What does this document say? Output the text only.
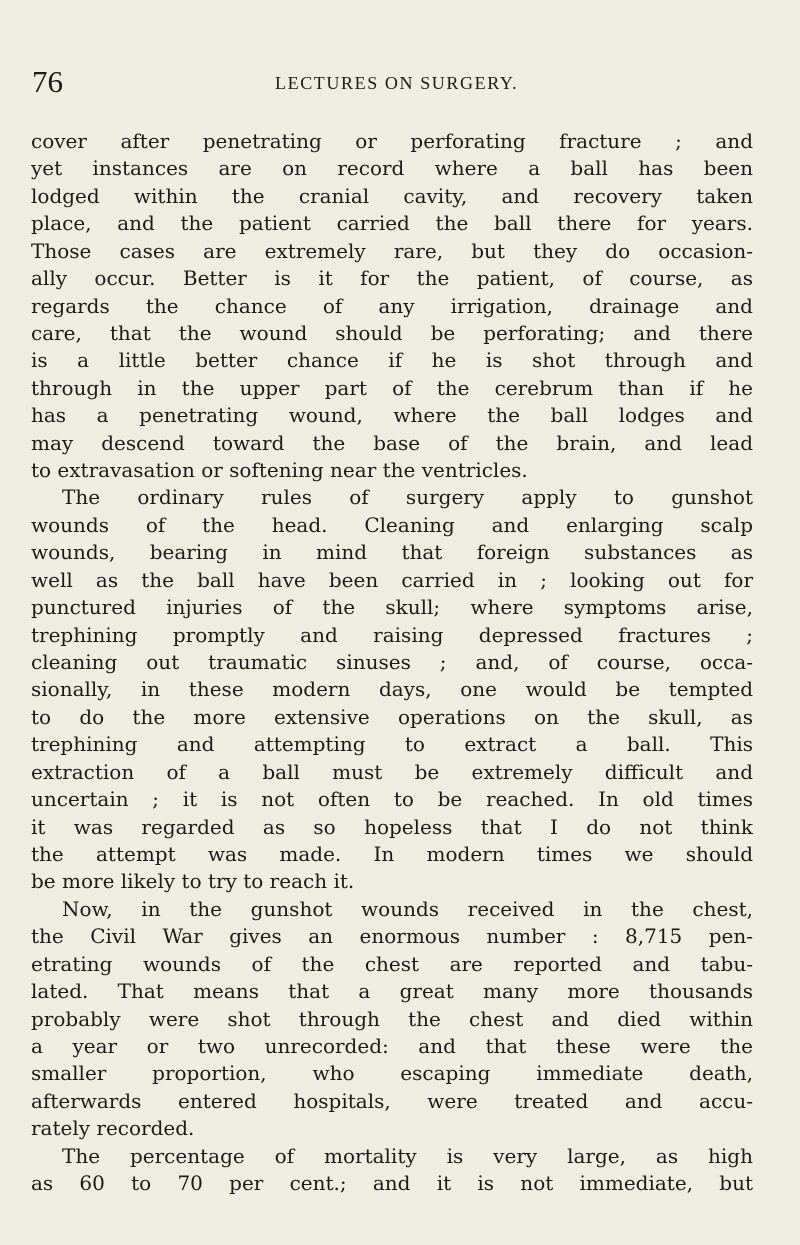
76	LECTURES ON SURGERY.
cover after penetrating or perforating fracture ; and
yet instances are on record where a ball has been
lodged within the cranial cavity, and recovery taken
place, and the patient carried the ball there for years.
Those cases are extremely rare, but they do occasion-
ally occur. Better is it for the patient, of course, as
regards the chance of any irrigation, drainage and
care, that the wound should be perforating; and there
is a little better chance if he is shot through and
through in the upper part of the cerebrum than if he
has a penetrating wound, where the ball lodges and
may descend toward the base of the brain, and lead
to extravasation or softening near the ventricles.
The ordinary rules of surgery apply to gunshot
wounds of the head. Cleaning and enlarging scalp
wounds, bearing in mind that foreign substances as
well as the ball have been carried in ; looking out for
punctured injuries of the skull; where symptoms arise,
trephining promptly and raising depressed fractures ;
cleaning out traumatic sinuses ; and, of course, occa-
sionally, in these modern days, one would be tempted
to do the more extensive operations on the skull, as
trephining and attempting to extract a ball. This
extraction of a ball must be extremely difficult and
uncertain ; it is not often to be reached. In old times
it was regarded as so hopeless that I do not think
the attempt was made. In modern times we should
be more likely to try to reach it.
Now, in the gunshot wounds received in the chest,
the Civil War gives an enormous number : 8,715 pen-
etrating wounds of the chest are reported and tabu-
lated. That means that a great many more thousands
probably were shot through the chest and died within
a year or two unrecorded: and that these were the
smaller proportion, who escaping immediate death,
afterwards entered hospitals, were treated and accu-
rately recorded.
The percentage of mortality is very large, as high
as 60 to 70 per cent.; and it is not immediate, but
